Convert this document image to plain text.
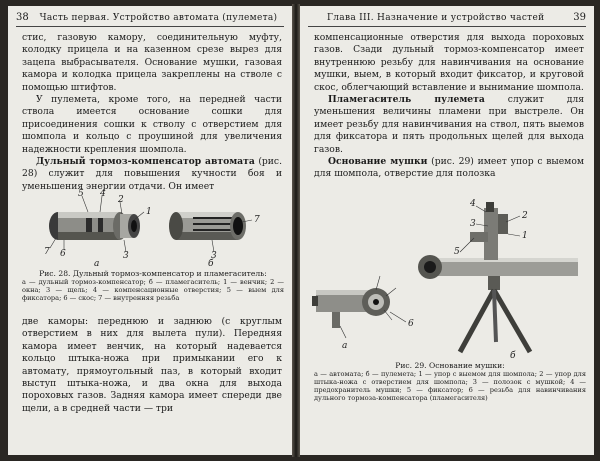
38 Часть первая. Устройство автомата (пулемета)

стис, газовую камору, соединительную муфту, колодку прицела и на казенном срезе вырез для зацепа выбрасывателя. Основание мушки, газовая камора и колодка прицела закреплены на стволе с помощью штифтов.

У пулемета, кроме того, на передней части ствола имеется основание сошки для присоединения сошки к стволу с отверстием для шомпола и кольцо с проушиной для увеличения надежности крепления шомпола.

Дульный тормоз-компенсатор автомата (рис. 28) служит для повышения кучности боя и уменьшения энергии отдачи. Он имеет

5 4
2
1
7 6	3	3
7
а	б
Рис. 28. Дульный тормоз-компенсатор и пламегаситель:
а — дульный тормоз-компенсатор; б — пламегаситель; 1 — венчик; 2 — окна; 3 — щель; 4 — компенсационные отверстия; 5 — выем для фиксатора; 6 — скос; 7 — внутренняя резьба

две каморы: переднюю и заднюю (с круглым отверстием в них для вылета пули). Передняя камора имеет венчик, на который надевается кольцо штыка-ножа при примыкании его к автомату, прямоугольный паз, в который входит выступ штыка-ножа, и два окна для выхода пороховых газов. Задняя камора имеет спереди две щели, а в средней части — три

Глава III. Назначение и устройство частей	39

компенсационные отверстия для выхода пороховых газов. Сзади дульный тормоз-компенсатор имеет внутреннюю резьбу для навинчивания на основание мушки, выем, в который входит фиксатор, и круговой скос, облегчающий вставление и вынимание шомпола.

Пламегаситель пулемета служит для уменьшения величины пламени при выстреле. Он имеет резьбу для навинчивания на ствол, пять выемов для фиксатора и пять продольных щелей для выхода газов.

Основание мушки (рис. 29) имеет упор с выемом для шомпола, отверстие для полозка

4
3
2
1
5
6
а
б
Рис. 29. Основание мушки:
а — автомата; б — пулемета; 1 — упор с выемом для шомпола; 2 — упор для штыка-ножа с отверстием для шомпола; 3 — полозок с мушкой; 4 — предохранитель мушки; 5 — фиксатор; 6 — резьба для навинчивания дульного тормоза-компенсатора (пламегасителя)
